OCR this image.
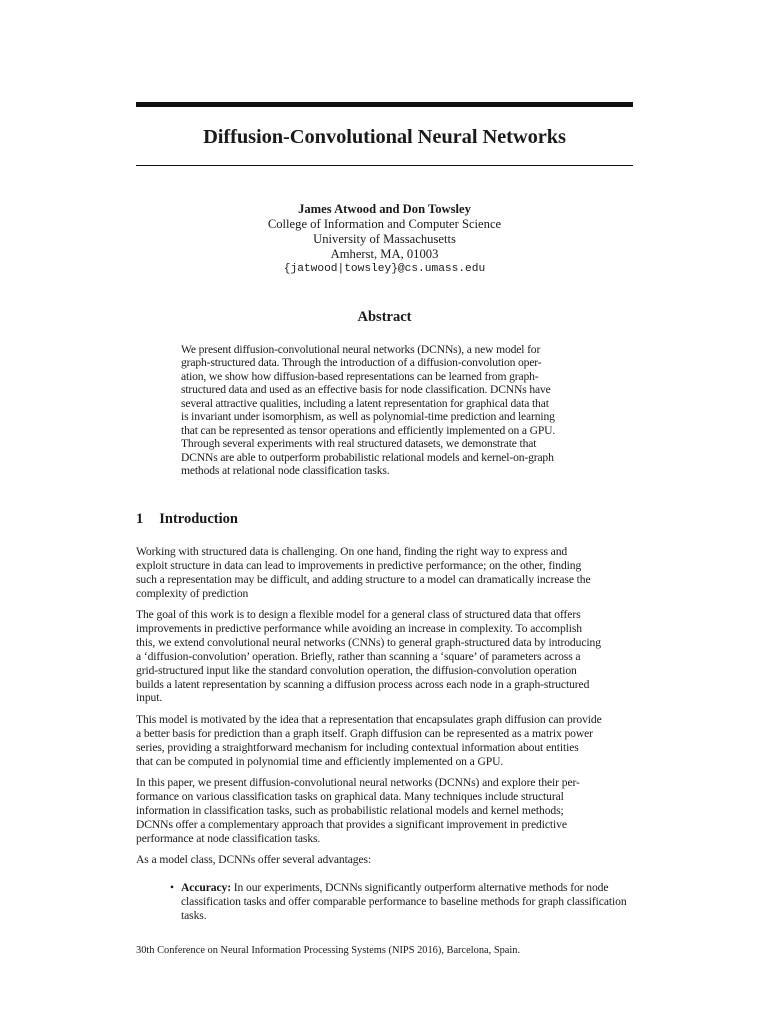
Diffusion-Convolutional Neural Networks
James Atwood and Don Towsley
College of Information and Computer Science
University of Massachusetts
Amherst, MA, 01003
{jatwood|towsley}@cs.umass.edu
Abstract
We present diffusion-convolutional neural networks (DCNNs), a new model for
graph-structured data. Through the introduction of a diffusion-convolution oper-
ation, we show how diffusion-based representations can be learned from graph-
structured data and used as an effective basis for node classification. DCNNs have
several attractive qualities, including a latent representation for graphical data that
is invariant under isomorphism, as well as polynomial-time prediction and learning
that can be represented as tensor operations and efficiently implemented on a GPU.
Through several experiments with real structured datasets, we demonstrate that
DCNNs are able to outperform probabilistic relational models and kernel-on-graph
methods at relational node classification tasks.
1 Introduction
Working with structured data is challenging. On one hand, finding the right way to express and
exploit structure in data can lead to improvements in predictive performance; on the other, finding
such a representation may be difficult, and adding structure to a model can dramatically increase the
complexity of prediction
The goal of this work is to design a flexible model for a general class of structured data that offers
improvements in predictive performance while avoiding an increase in complexity. To accomplish
this, we extend convolutional neural networks (CNNs) to general graph-structured data by introducing
a ‘diffusion-convolution’ operation. Briefly, rather than scanning a ‘square’ of parameters across a
grid-structured input like the standard convolution operation, the diffusion-convolution operation
builds a latent representation by scanning a diffusion process across each node in a graph-structured
input.
This model is motivated by the idea that a representation that encapsulates graph diffusion can provide
a better basis for prediction than a graph itself. Graph diffusion can be represented as a matrix power
series, providing a straightforward mechanism for including contextual information about entities
that can be computed in polynomial time and efficiently implemented on a GPU.
In this paper, we present diffusion-convolutional neural networks (DCNNs) and explore their per-
formance on various classification tasks on graphical data. Many techniques include structural
information in classification tasks, such as probabilistic relational models and kernel methods;
DCNNs offer a complementary approach that provides a significant improvement in predictive
performance at node classification tasks.
As a model class, DCNNs offer several advantages:
• Accuracy: In our experiments, DCNNs significantly outperform alternative methods for node classification tasks and offer comparable performance to baseline methods for graph classification tasks.
30th Conference on Neural Information Processing Systems (NIPS 2016), Barcelona, Spain.
